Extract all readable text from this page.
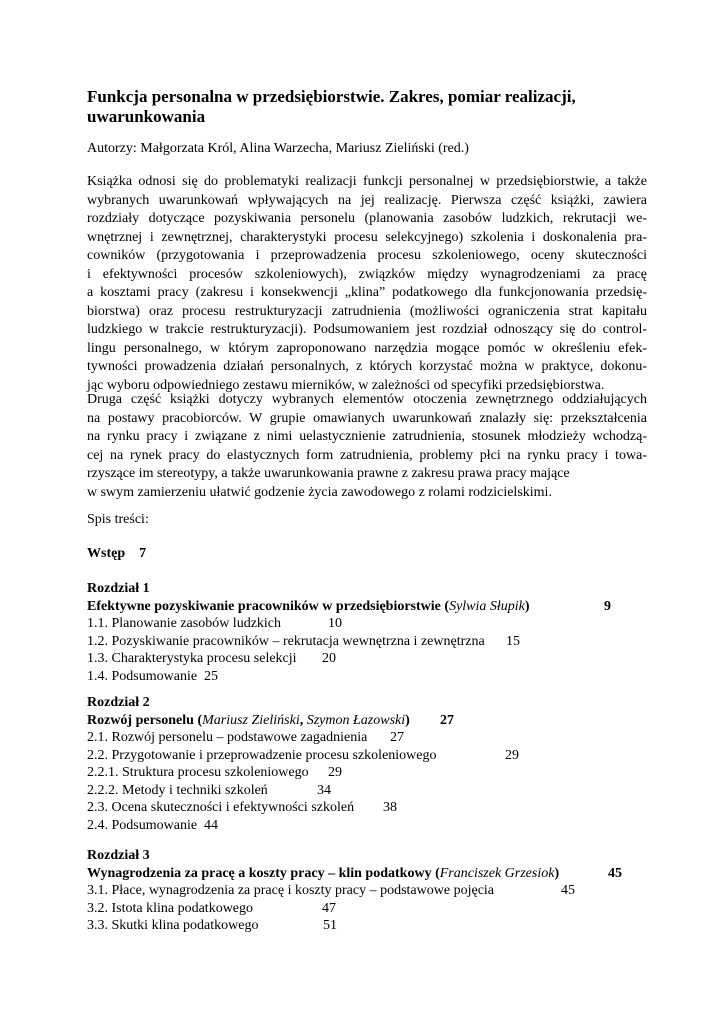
Funkcja personalna w przedsiębiorstwie. Zakres, pomiar realizacji, uwarunkowania

Autorzy: Małgorzata Król, Alina Warzecha, Mariusz Zieliński (red.)

Książka odnosi się do problematyki realizacji funkcji personalnej w przedsiębiorstwie, a także
wybranych uwarunkowań wpływających na jej realizację. Pierwsza część książki, zawiera
rozdziały dotyczące pozyskiwania personelu (planowania zasobów ludzkich, rekrutacji we-
wnętrznej i zewnętrznej, charakterystyki procesu selekcyjnego) szkolenia i doskonalenia pra-
cowników (przygotowania i przeprowadzenia procesu szkoleniowego, oceny skuteczności
i efektywności procesów szkoleniowych), związków między wynagrodzeniami za pracę
a kosztami pracy (zakresu i konsekwencji „klina” podatkowego dla funkcjonowania przedsię-
biorstwa) oraz procesu restrukturyzacji zatrudnienia (możliwości ograniczenia strat kapitału
ludzkiego w trakcie restrukturyzacji). Podsumowaniem jest rozdział odnoszący się do control-
lingu personalnego, w którym zaproponowano narzędzia mogące pomóc w określeniu efek-
tywności prowadzenia działań personalnych, z których korzystać można w praktyce, dokonu-
jąc wyboru odpowiedniego zestawu mierników, w zależności od specyfiki przedsiębiorstwa.
Druga część książki dotyczy wybranych elementów otoczenia zewnętrznego oddziałujących
na postawy pracobiorców. W grupie omawianych uwarunkowań znalazły się: przekształcenia
na rynku pracy i związane z nimi uelastycznienie zatrudnienia, stosunek młodzieży wchodzą-
cej na rynek pracy do elastycznych form zatrudnienia, problemy płci na rynku pracy i towa-
rzyszące im stereotypy, a także uwarunkowania prawne z zakresu prawa pracy mające
w swym zamierzeniu ułatwić godzenie życia zawodowego z rolami rodzicielskimi.

Spis treści:

Wstęp 7

Rozdział 1
Efektywne pozyskiwanie pracowników w przedsiębiorstwie (Sylwia Słupik)	9
1.1. Planowanie zasobów ludzkich	10
1.2. Pozyskiwanie pracowników – rekrutacja wewnętrzna i zewnętrzna 15
1.3. Charakterystyka procesu selekcji 20
1.4. Podsumowanie 25
Rozdział 2
Rozwój personelu (Mariusz Zieliński, Szymon Łazowski) 27
2.1. Rozwój personelu – podstawowe zagadnienia 27
2.2. Przygotowanie i przeprowadzenie procesu szkoleniowego	29
2.2.1. Struktura procesu szkoleniowego 29
2.2.2. Metody i techniki szkoleń	34
2.3. Ocena skuteczności i efektywności szkoleń 38
2.4. Podsumowanie 44
Rozdział 3
Wynagrodzenia za pracę a koszty pracy – klin podatkowy (Franciszek Grzesiok)	45
3.1. Płace, wynagrodzenia za pracę i koszty pracy – podstawowe pojęcia	45
3.2. Istota klina podatkowego	47
3.3. Skutki klina podatkowego	51
